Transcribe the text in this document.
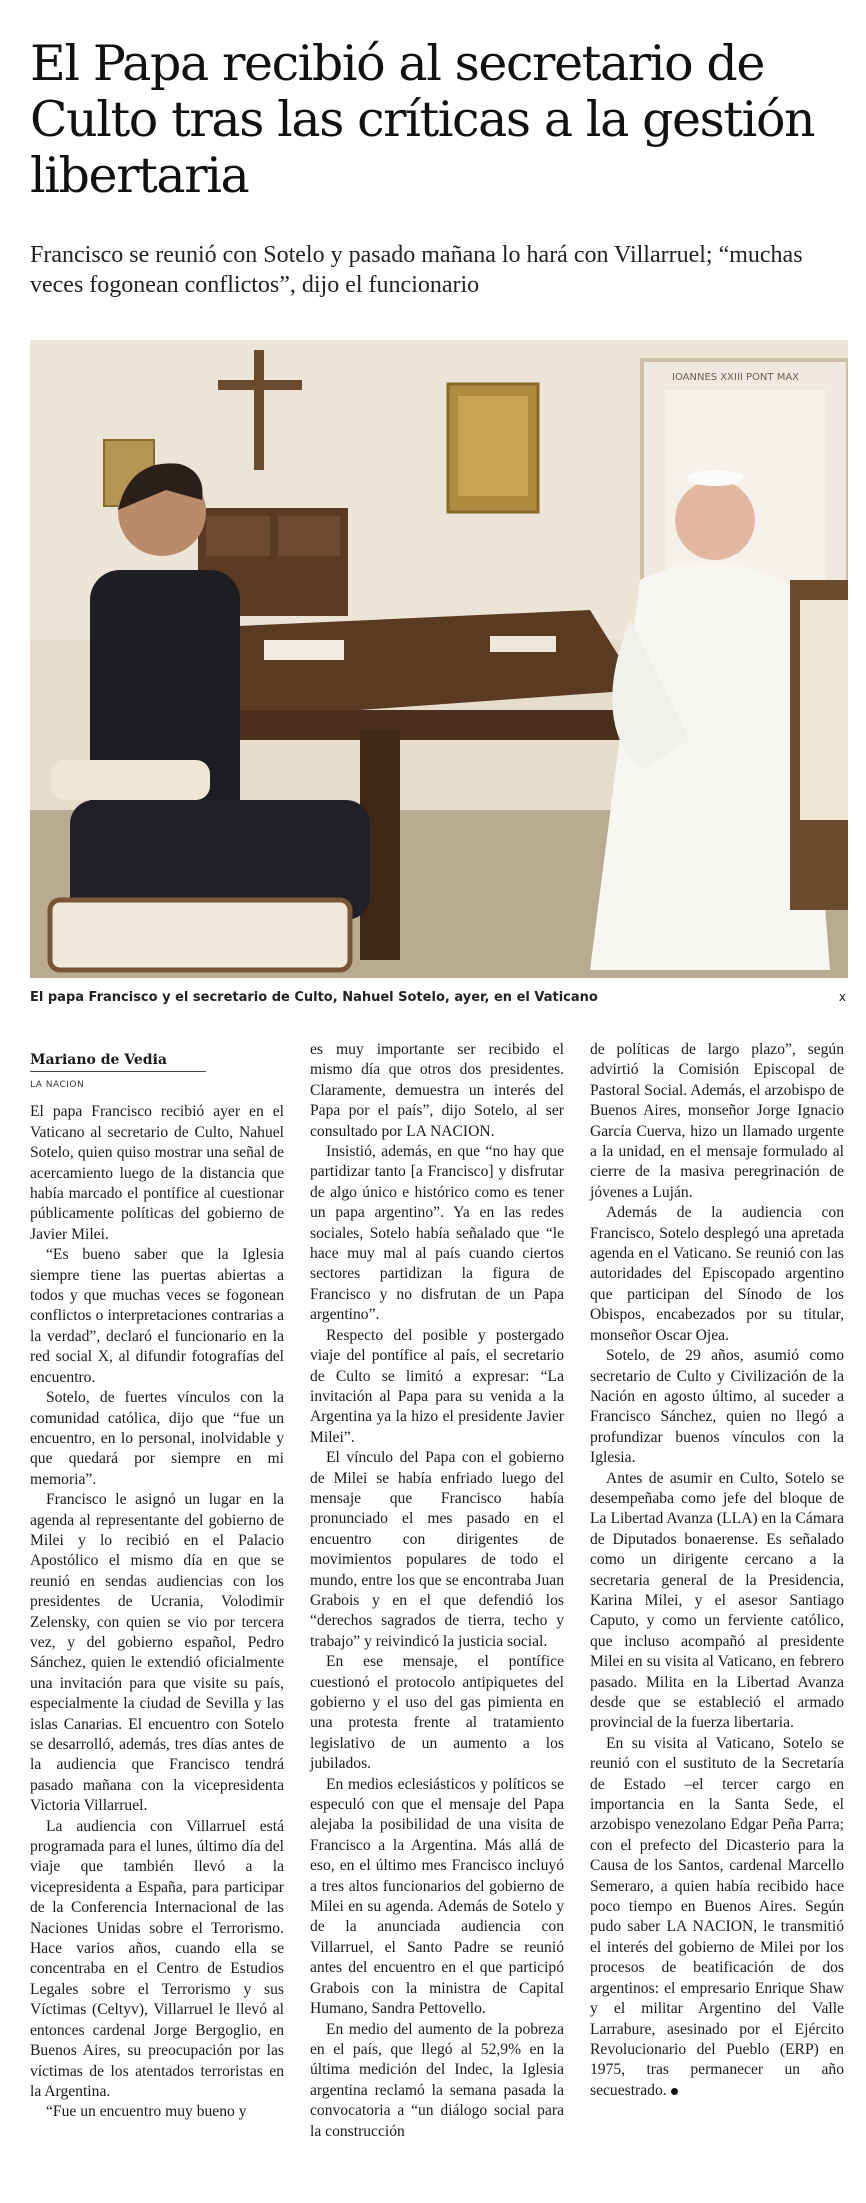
El Papa recibió al secretario de Culto tras las críticas a la gestión libertaria
Francisco se reunió con Sotelo y pasado mañana lo hará con Villarruel; “muchas veces fogonean conflictos”, dijo el funcionario
IOANNES XXIII PONT MAX
El papa Francisco y el secretario de Culto, Nahuel Sotelo, ayer, en el Vaticano	x
Mariano de Vedia
LA NACION

El papa Francisco recibió ayer en el Vaticano al secretario de Culto, Nahuel Sotelo, quien quiso mostrar una señal de acercamiento luego de la distancia que había marcado el pontífice al cuestionar públicamente políticas del gobierno de Javier Milei.

“Es bueno saber que la Iglesia siempre tiene las puertas abiertas a todos y que muchas veces se fogonean conflictos o interpretaciones contrarias a la verdad”, declaró el funcionario en la red social X, al difundir fotografías del encuentro.

Sotelo, de fuertes vínculos con la comunidad católica, dijo que “fue un encuentro, en lo personal, inolvidable y que quedará por siempre en mi memoria”.

Francisco le asignó un lugar en la agenda al representante del gobierno de Milei y lo recibió en el Palacio Apostólico el mismo día en que se reunió en sendas audiencias con los presidentes de Ucrania, Volodimir Zelensky, con quien se vio por tercera vez, y del gobierno español, Pedro Sánchez, quien le extendió oficialmente una invitación para que visite su país, especialmente la ciudad de Sevilla y las islas Canarias. El encuentro con Sotelo se desarrolló, además, tres días antes de la audiencia que Francisco tendrá pasado mañana con la vicepresidenta Victoria Villarruel.

La audiencia con Villarruel está programada para el lunes, último día del viaje que también llevó a la vicepresidenta a España, para participar de la Conferencia Internacional de las Naciones Unidas sobre el Terrorismo. Hace varios años, cuando ella se concentraba en el Centro de Estudios Legales sobre el Terrorismo y sus Víctimas (Celtyv), Villarruel le llevó al entonces cardenal Jorge Bergoglio, en Buenos Aires, su preocupación por las víctimas de los atentados terroristas en la Argentina.

“Fue un encuentro muy bueno y

es muy importante ser recibido el mismo día que otros dos presidentes. Claramente, demuestra un interés del Papa por el país”, dijo Sotelo, al ser consultado por LA NACION.

Insistió, además, en que “no hay que partidizar tanto [a Francisco] y disfrutar de algo único e histórico como es tener un papa argentino”. Ya en las redes sociales, Sotelo había señalado que “le hace muy mal al país cuando ciertos sectores partidizan la figura de Francisco y no disfrutan de un Papa argentino”.

Respecto del posible y postergado viaje del pontífice al país, el secretario de Culto se limitó a expresar: “La invitación al Papa para su venida a la Argentina ya la hizo el presidente Javier Milei”.

El vínculo del Papa con el gobierno de Milei se había enfriado luego del mensaje que Francisco había pronunciado el mes pasado en el encuentro con dirigentes de movimientos populares de todo el mundo, entre los que se encontraba Juan Grabois y en el que defendió los “derechos sagrados de tierra, techo y trabajo” y reivindicó la justicia social.

En ese mensaje, el pontífice cuestionó el protocolo antipiquetes del gobierno y el uso del gas pimienta en una protesta frente al tratamiento legislativo de un aumento a los jubilados.

En medios eclesiásticos y políticos se especuló con que el mensaje del Papa alejaba la posibilidad de una visita de Francisco a la Argentina. Más allá de eso, en el último mes Francisco incluyó a tres altos funcionarios del gobierno de Milei en su agenda. Además de Sotelo y de la anunciada audiencia con Villarruel, el Santo Padre se reunió antes del encuentro en el que participó Grabois con la ministra de Capital Humano, Sandra Pettovello.

En medio del aumento de la pobreza en el país, que llegó al 52,9% en la última medición del Indec, la Iglesia argentina reclamó la semana pasada la convocatoria a “un diálogo social para la construcción

de políticas de largo plazo”, según advirtió la Comisión Episcopal de Pastoral Social. Además, el arzobispo de Buenos Aires, monseñor Jorge Ignacio García Cuerva, hizo un llamado urgente a la unidad, en el mensaje formulado al cierre de la masiva peregrinación de jóvenes a Luján.

Además de la audiencia con Francisco, Sotelo desplegó una apretada agenda en el Vaticano. Se reunió con las autoridades del Episcopado argentino que participan del Sínodo de los Obispos, encabezados por su titular, monseñor Oscar Ojea.

Sotelo, de 29 años, asumió como secretario de Culto y Civilización de la Nación en agosto último, al suceder a Francisco Sánchez, quien no llegó a profundizar buenos vínculos con la Iglesia.

Antes de asumir en Culto, Sotelo se desempeñaba como jefe del bloque de La Libertad Avanza (LLA) en la Cámara de Diputados bonaerense. Es señalado como un dirigente cercano a la secretaria general de la Presidencia, Karina Milei, y el asesor Santiago Caputo, y como un ferviente católico, que incluso acompañó al presidente Milei en su visita al Vaticano, en febrero pasado. Milita en la Libertad Avanza desde que se estableció el armado provincial de la fuerza libertaria.

En su visita al Vaticano, Sotelo se reunió con el sustituto de la Secretaría de Estado –el tercer cargo en importancia en la Santa Sede, el arzobispo venezolano Edgar Peña Parra; con el prefecto del Dicasterio para la Causa de los Santos, cardenal Marcello Semeraro, a quien había recibido hace poco tiempo en Buenos Aires. Según pudo saber LA NACION, le transmitió el interés del gobierno de Milei por los procesos de beatificación de dos argentinos: el empresario Enrique Shaw y el militar Argentino del Valle Larrabure, asesinado por el Ejército Revolucionario del Pueblo (ERP) en 1975, tras permanecer un año secuestrado.
